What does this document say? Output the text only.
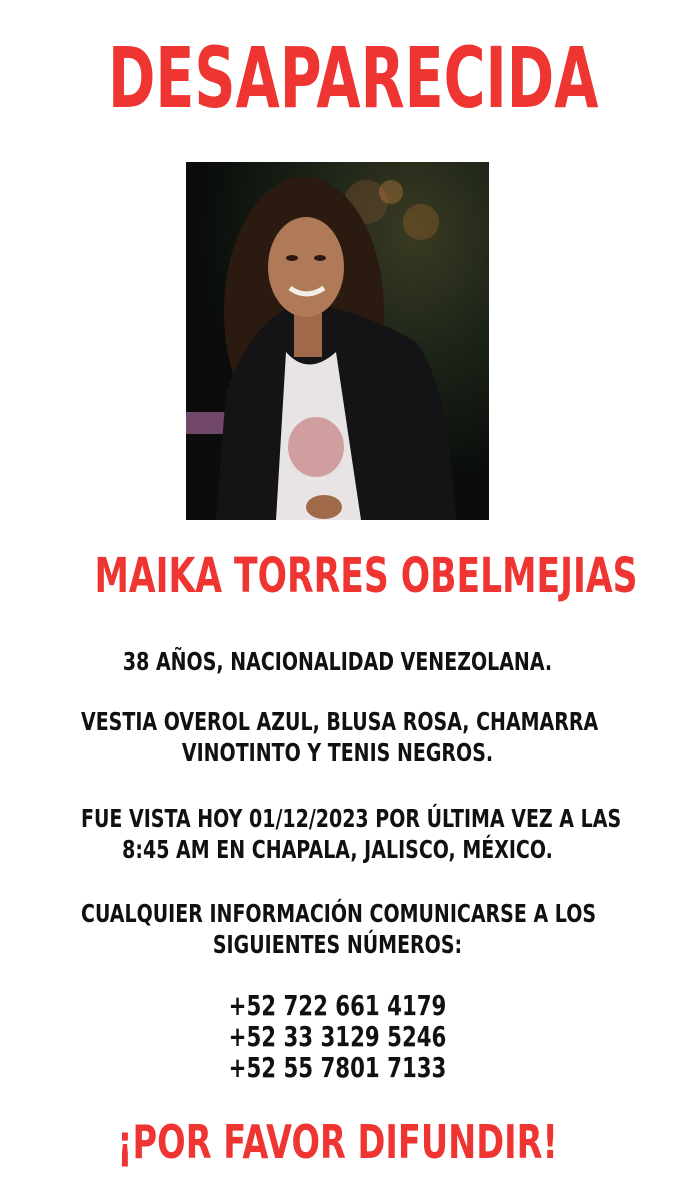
DESAPARECIDA
MAIKA TORRES OBELMEJIAS
38 AÑOS, NACIONALIDAD VENEZOLANA.
VESTIA OVEROL AZUL, BLUSA ROSA, CHAMARRA
VINOTINTO Y TENIS NEGROS.
FUE VISTA HOY 01/12/2023 POR ÚLTIMA VEZ A LAS
8:45 AM EN CHAPALA, JALISCO, MÉXICO.
CUALQUIER INFORMACIÓN COMUNICARSE A LOS
SIGUIENTES NÚMEROS:
+52 722 661 4179
+52 33 3129 5246
+52 55 7801 7133
¡POR FAVOR DIFUNDIR!
